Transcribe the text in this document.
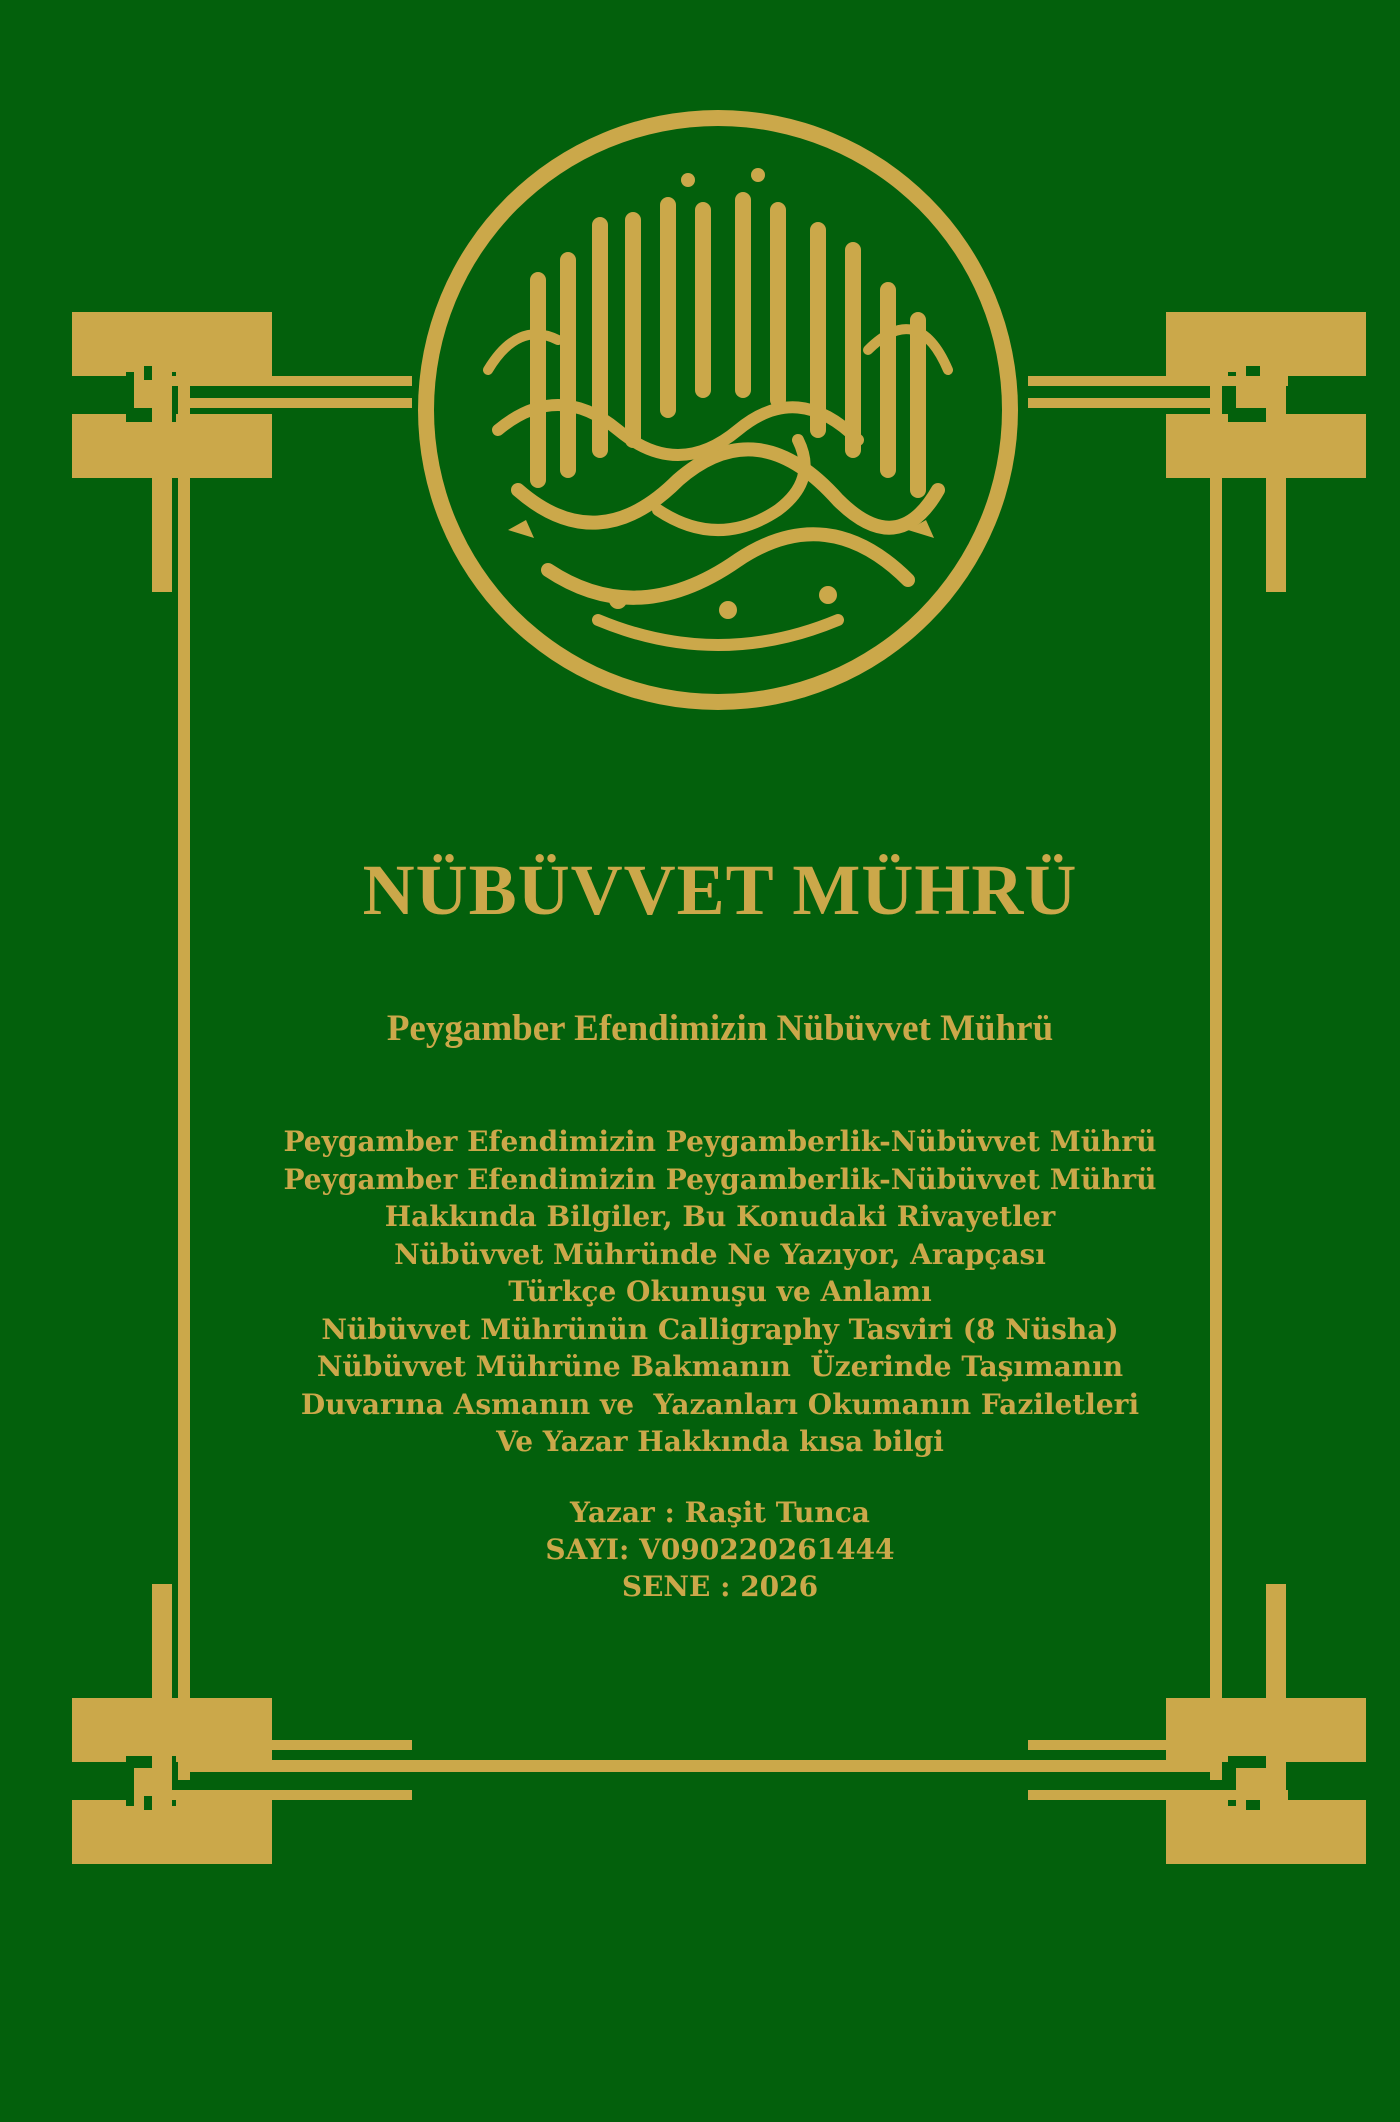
NÜBÜVVET MÜHRÜ
Peygamber Efendimizin Nübüvvet Mührü
Peygamber Efendimizin Peygamberlik-Nübüvvet Mührü
Peygamber Efendimizin Peygamberlik-Nübüvvet Mührü
Hakkında Bilgiler, Bu Konudaki Rivayetler
Nübüvvet Mühründe Ne Yazıyor, Arapçası
Türkçe Okunuşu ve Anlamı
Nübüvvet Mührünün Calligraphy Tasviri (8 Nüsha)
Nübüvvet Mührüne Bakmanın  Üzerinde Taşımanın
Duvarına Asmanın ve  Yazanları Okumanın Faziletleri
Ve Yazar Hakkında kısa bilgi
Yazar : Raşit Tunca
SAYI: V090220261444
SENE : 2026
